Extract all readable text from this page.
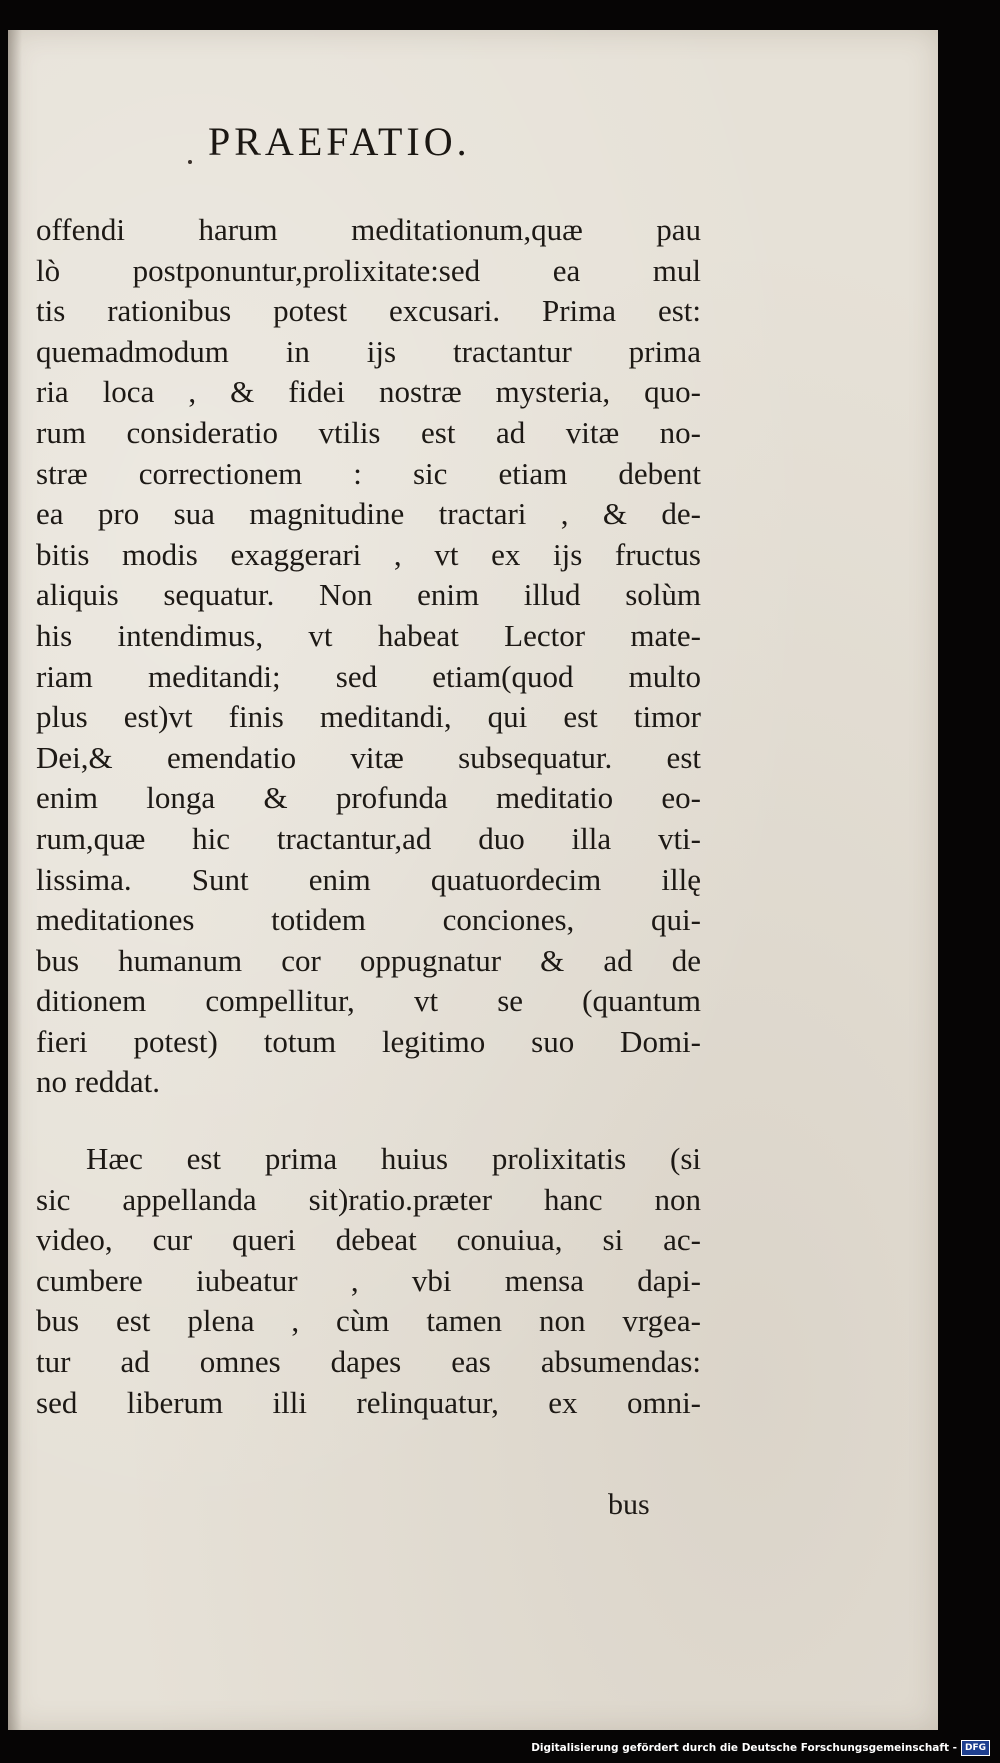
PRAEFATIO.
offendi harum meditationum,quæ pau
lò postponuntur,prolixitate:sed ea mul
tis rationibus potest excusari. Prima est:
quemadmodum in ijs tractantur prima
ria loca , & fidei nostræ mysteria, quo-
rum consideratio vtilis est ad vitæ no-
stræ correctionem : sic etiam debent
ea pro sua magnitudine tractari , & de-
bitis modis exaggerari , vt ex ijs fructus
aliquis sequatur. Non enim illud solùm
his intendimus, vt habeat Lector mate-
riam meditandi; sed etiam(quod multo
plus est)vt finis meditandi, qui est timor
Dei,& emendatio vitæ subsequatur. est
enim longa & profunda meditatio eo-
rum,quæ hic tractantur,ad duo illa vti-
lissima. Sunt enim quatuordecim illę
meditationes totidem conciones, qui-
bus humanum cor oppugnatur & ad de
ditionem compellitur, vt se (quantum
fieri potest) totum legitimo suo Domi-
no reddat.
Hæc est prima huius prolixitatis (si
sic appellanda sit)ratio.præter hanc non
video, cur queri debeat conuiua, si ac-
cumbere iubeatur , vbi mensa dapi-
bus est plena , cùm tamen non vrgea-
tur ad omnes dapes eas absumendas:
sed liberum illi relinquatur, ex omni-
bus
Digitalisierung gefördert durch die Deutsche Forschungsgemeinschaft - DFG
